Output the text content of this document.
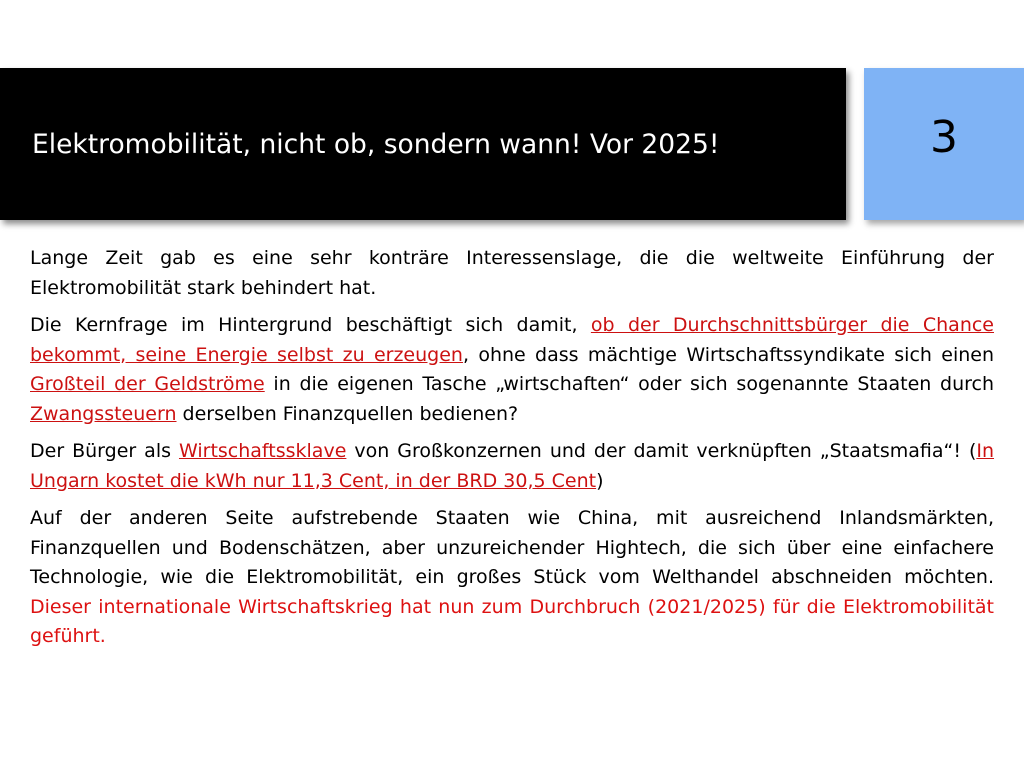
Elektromobilität, nicht ob, sondern wann! Vor 2025!	3

Lange Zeit gab es eine sehr konträre Interessenslage, die die weltweite Einführung der Elektromobilität stark behindert hat.

Die Kernfrage im Hintergrund beschäftigt sich damit, ob der Durchschnittsbürger die Chance bekommt, seine Energie selbst zu erzeugen, ohne dass mächtige Wirtschaftssyndikate sich einen Großteil der Geldströme in die eigenen Tasche „wirtschaften“ oder sich sogenannte Staaten durch Zwangssteuern derselben Finanzquellen bedienen?

Der Bürger als Wirtschaftssklave von Großkonzernen und der damit verknüpften „Staatsmafia“! (In Ungarn kostet die kWh nur 11,3 Cent, in der BRD 30,5 Cent)

Auf der anderen Seite aufstrebende Staaten wie China, mit ausreichend Inlandsmärkten, Finanzquellen und Bodenschätzen, aber unzureichender Hightech, die sich über eine einfachere Technologie, wie die Elektromobilität, ein großes Stück vom Welthandel abschneiden möchten. Dieser internationale Wirtschaftskrieg hat nun zum Durchbruch (2021/2025) für die Elektromobilität geführt.
